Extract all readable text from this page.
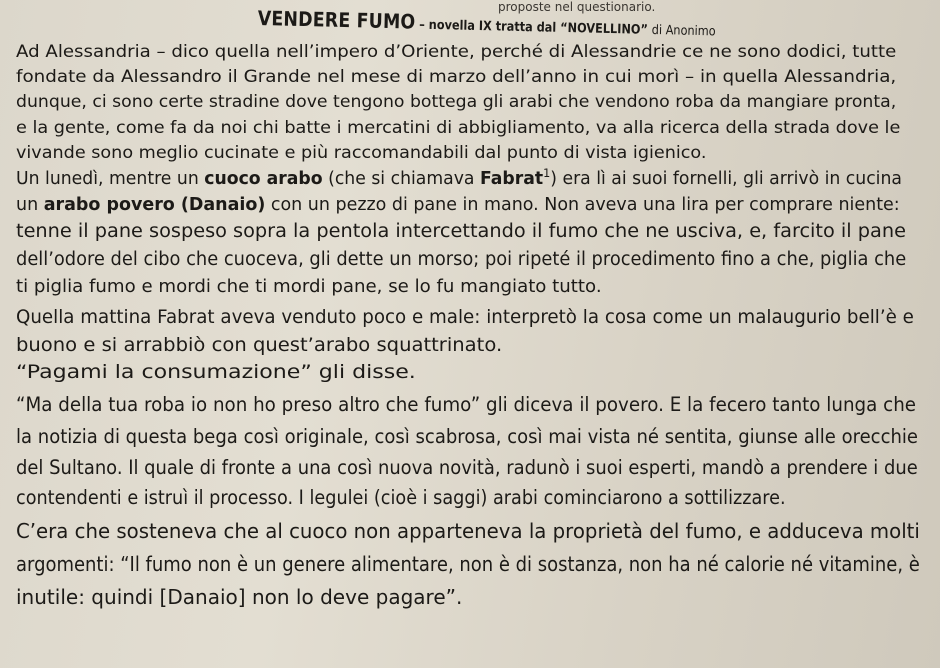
proposte nel questionario.
VENDERE FUMO – novella IX tratta dal “NOVELLINO” di Anonimo
Ad Alessandria – dico quella nell’impero d’Oriente, perché di Alessandrie ce ne sono dodici, tutte
fondate da Alessandro il Grande nel mese di marzo dell’anno in cui morì – in quella Alessandria,
dunque, ci sono certe stradine dove tengono bottega gli arabi che vendono roba da mangiare pronta,
e la gente, come fa da noi chi batte i mercatini di abbigliamento, va alla ricerca della strada dove le
vivande sono meglio cucinate e più raccomandabili dal punto di vista igienico.
Un lunedì, mentre un cuoco arabo (che si chiamava Fabrat$^1$) era lì ai suoi fornelli, gli arrivò in cucina
un arabo povero (Danaio) con un pezzo di pane in mano. Non aveva una lira per comprare niente:
tenne il pane sospeso sopra la pentola intercettando il fumo che ne usciva, e, farcito il pane
dell’odore del cibo che cuoceva, gli dette un morso; poi ripeté il procedimento fino a che, piglia che
ti piglia fumo e mordi che ti mordi pane, se lo fu mangiato tutto.
Quella mattina Fabrat aveva venduto poco e male: interpretò la cosa come un malaugurio bell’è e
buono e si arrabbiò con quest’arabo squattrinato.
“Pagami la consumazione” gli disse.
“Ma della tua roba io non ho preso altro che fumo” gli diceva il povero. E la fecero tanto lunga che
la notizia di questa bega così originale, così scabrosa, così mai vista né sentita, giunse alle orecchie
del Sultano. Il quale di fronte a una così nuova novità, radunò i suoi esperti, mandò a prendere i due
contendenti e istruì il processo. I legulei (cioè i saggi) arabi cominciarono a sottilizzare.
C’era che sosteneva che al cuoco non apparteneva la proprietà del fumo, e adduceva molti
argomenti: “Il fumo non è un genere alimentare, non è di sostanza, non ha né calorie né vitamine, è
inutile: quindi [Danaio] non lo deve pagare”.
